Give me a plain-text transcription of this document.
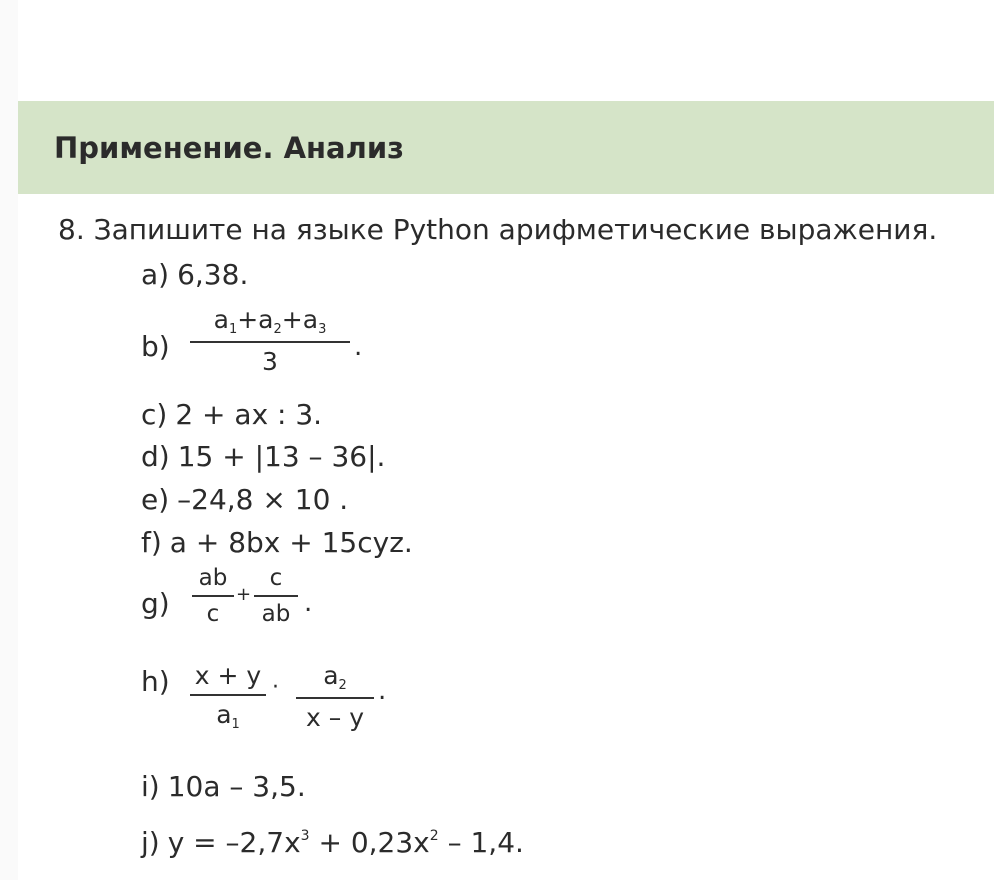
Применение. Анализ
8. Запишите на языке Python арифметические выражения.
а) 6,38.
b)
$a_1+a_2+a_3$
3	.
c) 2 + ax : 3.
d) 15 + |13 – 36|.
e) –24,8 × 10 .
f) a + 8bx + 15cyz.
g)
ab
c
+
c
ab .
h)	x + y
$a_1$
·	$a_2$
x – y
.
i) 10a – 3,5.
j) $y = -2,7x^3 + 0,23x^2 - 1,4$.
